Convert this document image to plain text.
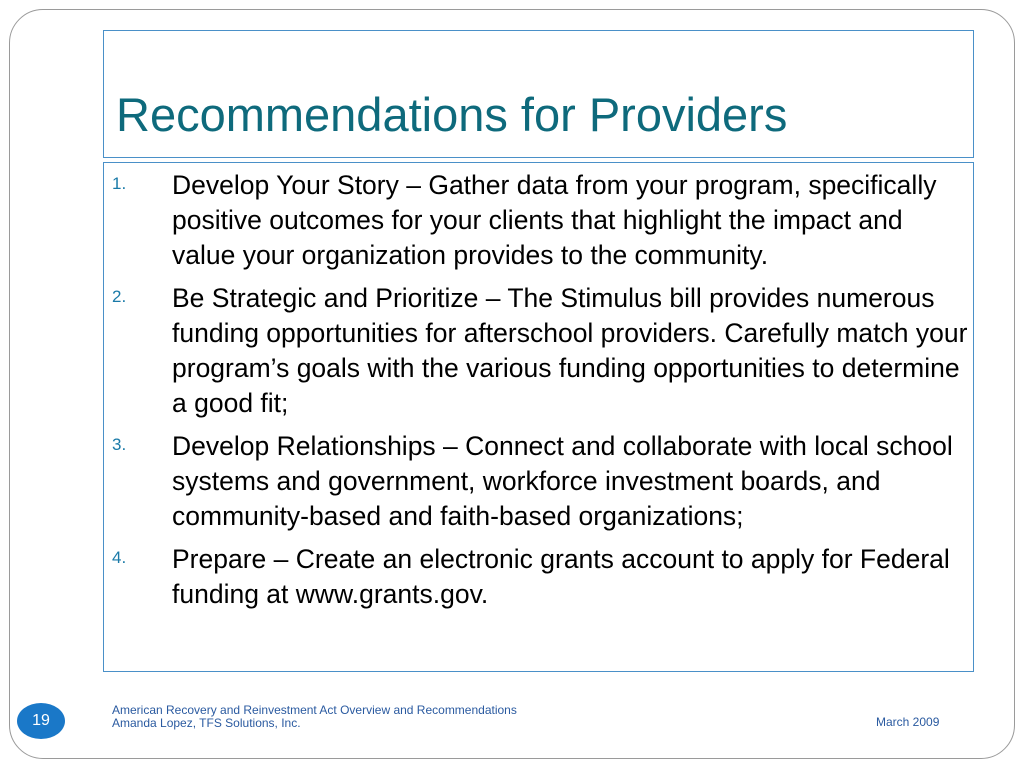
Recommendations for Providers
1. Develop Your Story – Gather data from your program, specifically positive outcomes for your clients that highlight the impact and value your organization provides to the community.
2. Be Strategic and Prioritize – The Stimulus bill provides numerous funding opportunities for afterschool providers. Carefully match your program’s goals with the various funding opportunities to determine a good fit;
3. Develop Relationships – Connect and collaborate with local school systems and government, workforce investment boards, and community-based and faith-based organizations;
4. Prepare – Create an electronic grants account to apply for Federal funding at www.grants.gov.
19
American Recovery and Reinvestment Act Overview and Recommendations
Amanda Lopez, TFS Solutions, Inc.	March 2009
